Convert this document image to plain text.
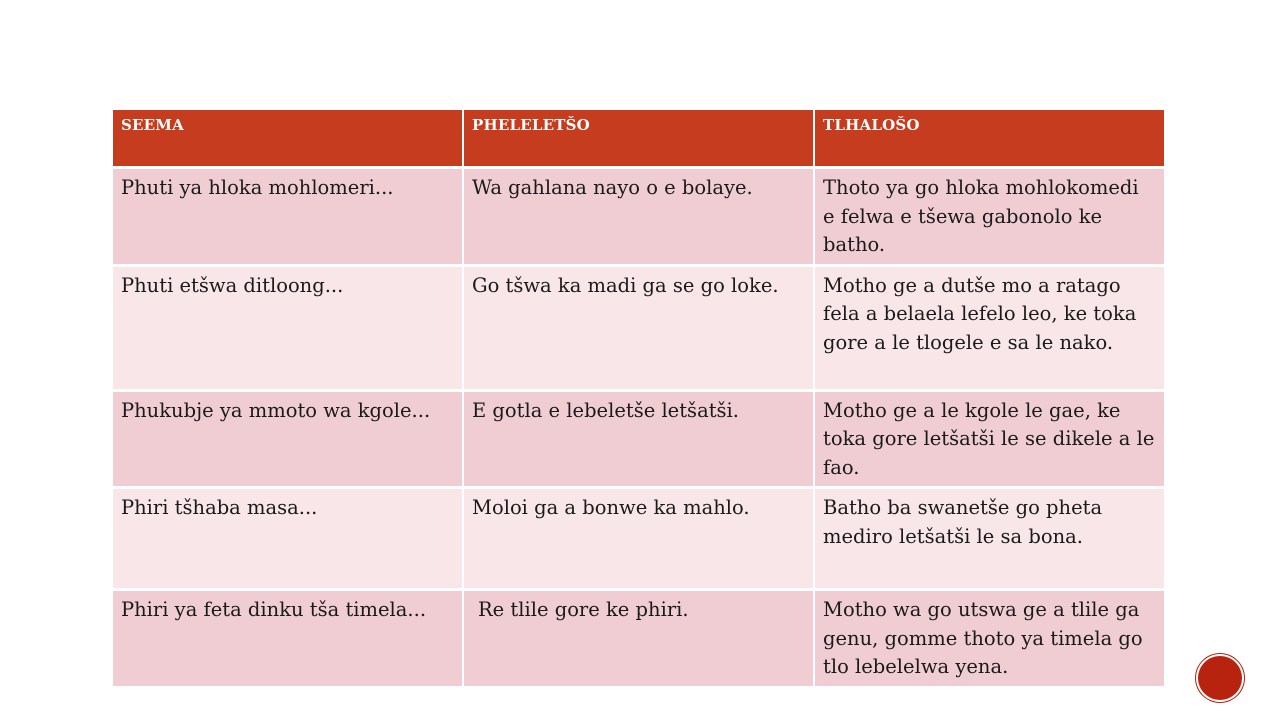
SEEMA	PHELELETŠO	TLHALOŠO
Phuti ya hloka mohlomeri...	Wa gahlana nayo o e bolaye.	Thoto ya go hloka mohlokomedi e felwa e tšewa gabonolo ke batho.
Phuti etšwa ditloong...	Go tšwa ka madi ga se go loke.	Motho ge a dutše mo a ratago fela a belaela lefelo leo, ke toka gore a le tlogele e sa le nako.
Phukubje ya mmoto wa kgole...	E gotla e lebeletše letšatši.	Motho ge a le kgole le gae, ke toka gore letšatši le se dikele a le fao.
Phiri tšhaba masa...	Moloi ga a bonwe ka mahlo.	Batho ba swanetše go pheta mediro letšatši le sa bona.
Phiri ya feta dinku tša timela...	Re tlile gore ke phiri.	Motho wa go utswa ge a tlile ga genu, gomme thoto ya timela go tlo lebelelwa yena.
